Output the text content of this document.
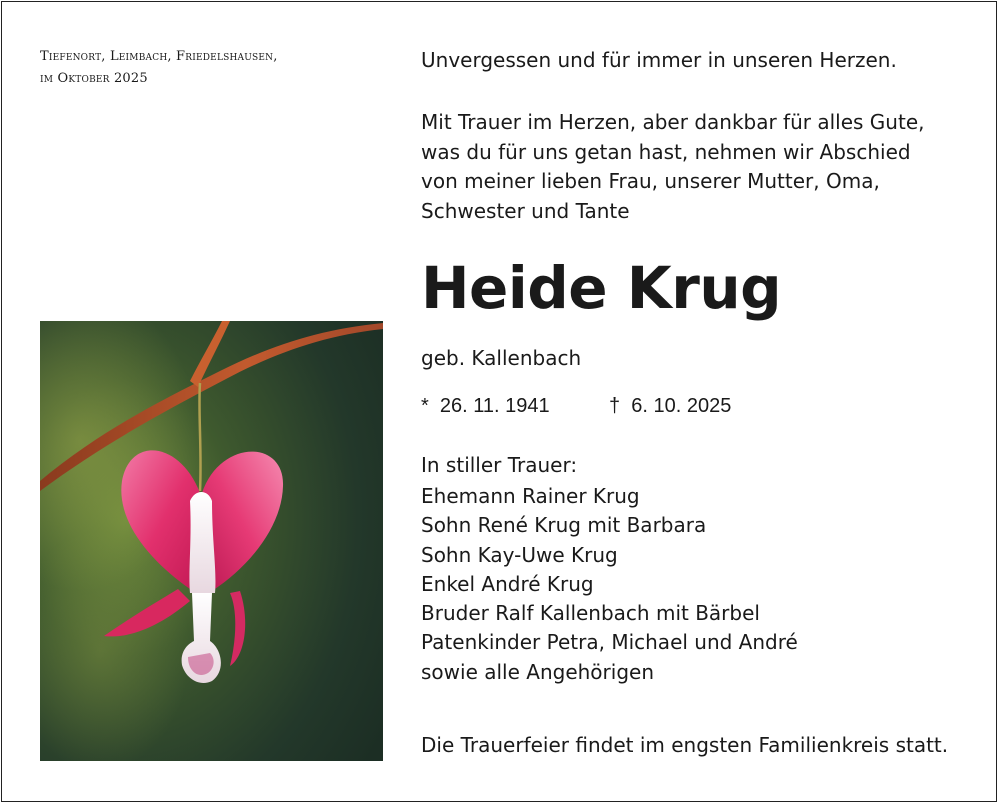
Tiefenort, Leimbach, Friedelshausen,
im Oktober 2025
Unvergessen und für immer in unseren Herzen.
Mit Trauer im Herzen, aber dankbar für alles Gute,
was du für uns getan hast, nehmen wir Abschied
von meiner lieben Frau, unserer Mutter, Oma,
Schwester und Tante
Heide Krug
geb. Kallenbach
* 26. 11. 1941	† 6. 10. 2025
In stiller Trauer:
Ehemann Rainer Krug
Sohn René Krug mit Barbara
Sohn Kay-Uwe Krug
Enkel André Krug
Bruder Ralf Kallenbach mit Bärbel
Patenkinder Petra, Michael und André
sowie alle Angehörigen
Die Trauerfeier findet im engsten Familienkreis statt.
